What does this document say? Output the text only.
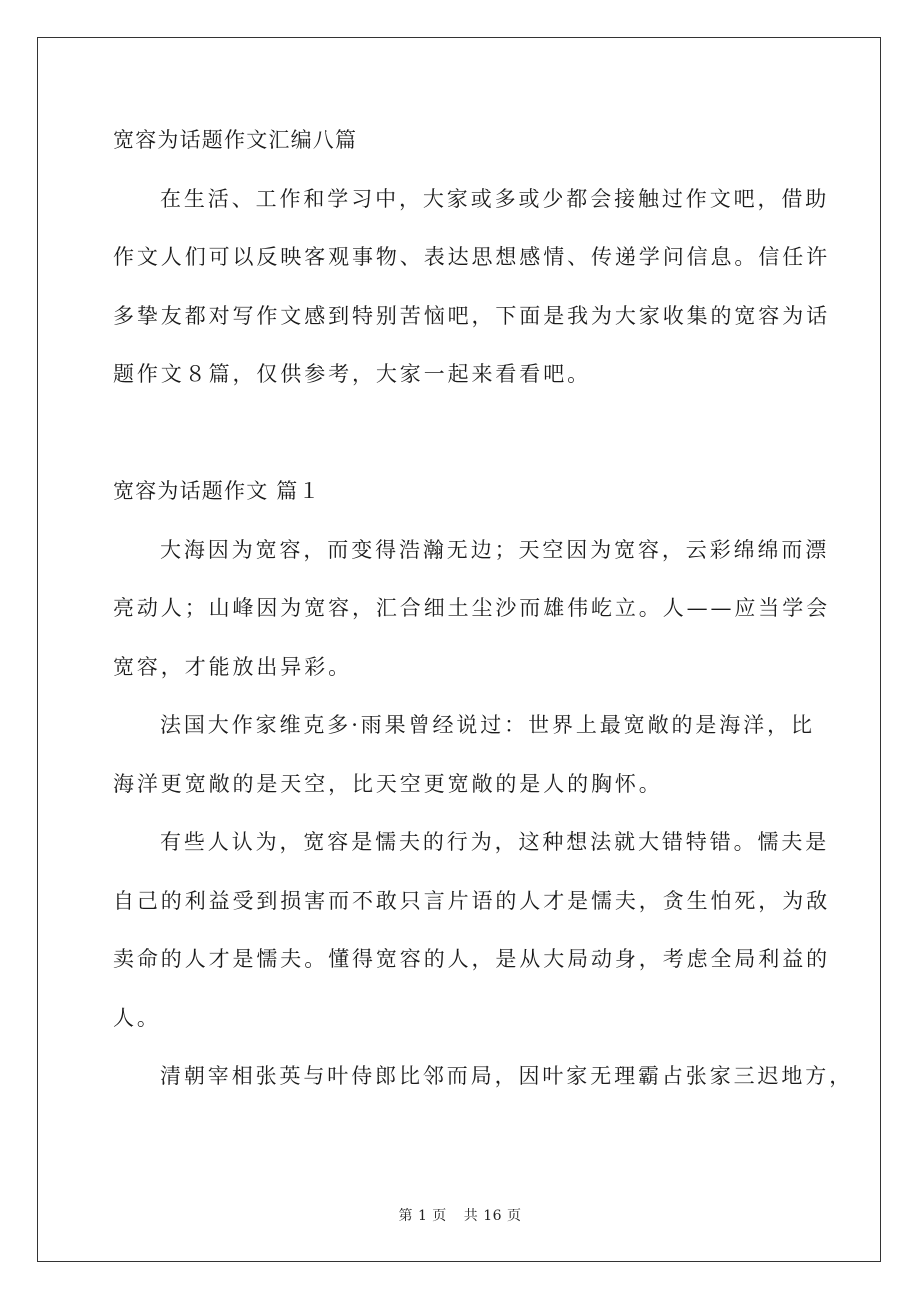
宽容为话题作文汇编八篇
在生活、工作和学习中，大家或多或少都会接触过作文吧，借助
作文人们可以反映客观事物、表达思想感情、传递学问信息。信任许
多挚友都对写作文感到特别苦恼吧，下面是我为大家收集的宽容为话
题作文８篇，仅供参考，大家一起来看看吧。
宽容为话题作文 篇１
大海因为宽容，而变得浩瀚无边；天空因为宽容，云彩绵绵而漂
亮动人；山峰因为宽容，汇合细土尘沙而雄伟屹立。人——应当学会
宽容，才能放出异彩。
法国大作家维克多·雨果曾经说过：世界上最宽敞的是海洋，比
海洋更宽敞的是天空，比天空更宽敞的是人的胸怀。
有些人认为，宽容是懦夫的行为，这种想法就大错特错。懦夫是
自己的利益受到损害而不敢只言片语的人才是懦夫，贪生怕死，为敌
卖命的人才是懦夫。懂得宽容的人，是从大局动身，考虑全局利益的
人。
清朝宰相张英与叶侍郎比邻而局，因叶家无理霸占张家三迟地方，
第 1 页 共 16 页
